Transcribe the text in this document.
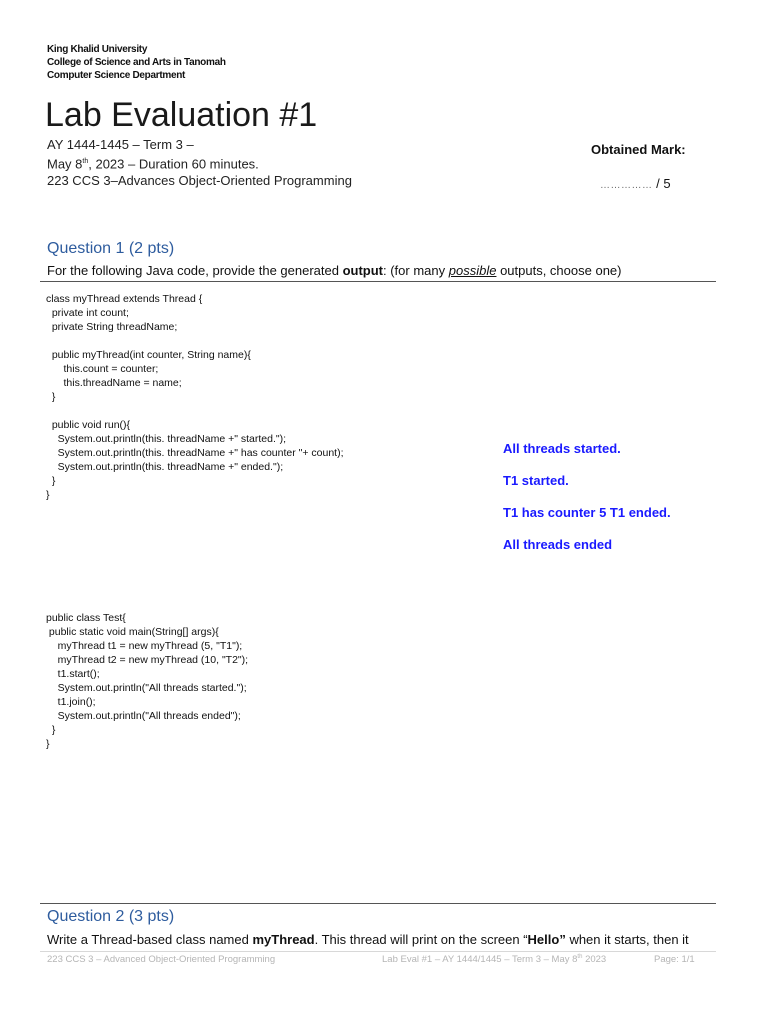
King Khalid University
College of Science and Arts in Tanomah
Computer Science Department
Lab Evaluation #1
AY 1444-1445 – Term 3 –
May 8th, 2023 – Duration 60 minutes.
223 CCS 3–Advances Object-Oriented Programming
Obtained Mark:
…………… / 5
Question 1 (2 pts)
For the following Java code, provide the generated output: (for many possible outputs, choose one)
class myThread extends Thread {
private int count;
private String threadName;

public myThread(int counter, String name){
this.count = counter;
this.threadName = name;
}

public void run(){
System.out.println(this. threadName +" started.");
System.out.println(this. threadName +" has counter "+ count);
System.out.println(this. threadName +" ended.");
}
}
All threads started.
T1 started.
T1 has counter 5 T1 ended.
All threads ended
public class Test{
public static void main(String[] args){
myThread t1 = new myThread (5, "T1");
myThread t2 = new myThread (10, "T2");
t1.start();
System.out.println("All threads started.");
t1.join();
System.out.println("All threads ended");
}
}
Question 2 (3 pts)
Write a Thread-based class named myThread. This thread will print on the screen “Hello” when it starts, then it
223 CCS 3 – Advanced Object-Oriented Programming	Lab Eval #1 – AY 1444/1445 – Term 3 – May 8th 2023	Page: 1/1
